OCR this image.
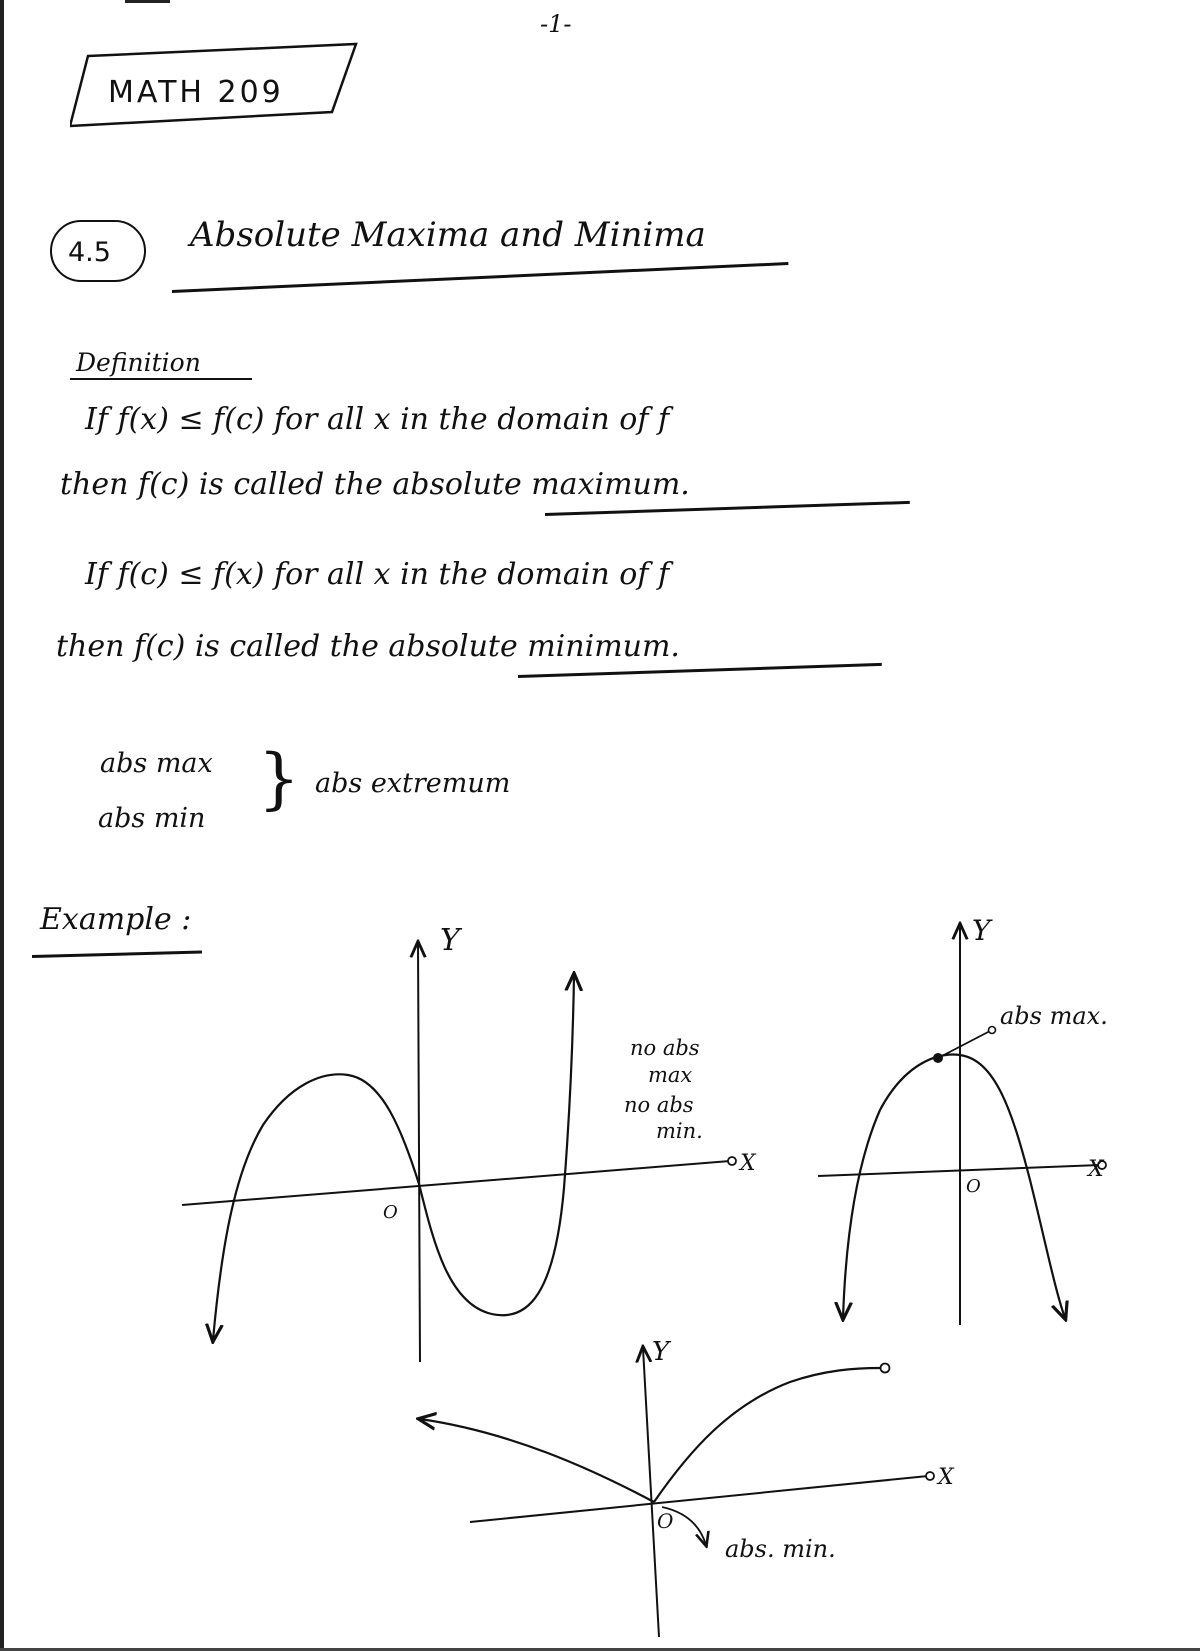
-1-
MATH 209
4.5 Absolute Maxima and Minima
Definition
If f(x) ≤ f(c) for all x in the domain of f
then f(c) is called the absolute maximum.
If f(c) ≤ f(x) for all x in the domain of f
then f(c) is called the absolute minimum.
abs max
abs min
} abs extremum
Example :
Y
X
O
no abs
max
no abs
min.
Y
X
O
abs max.
Y
X
O
abs. min.
